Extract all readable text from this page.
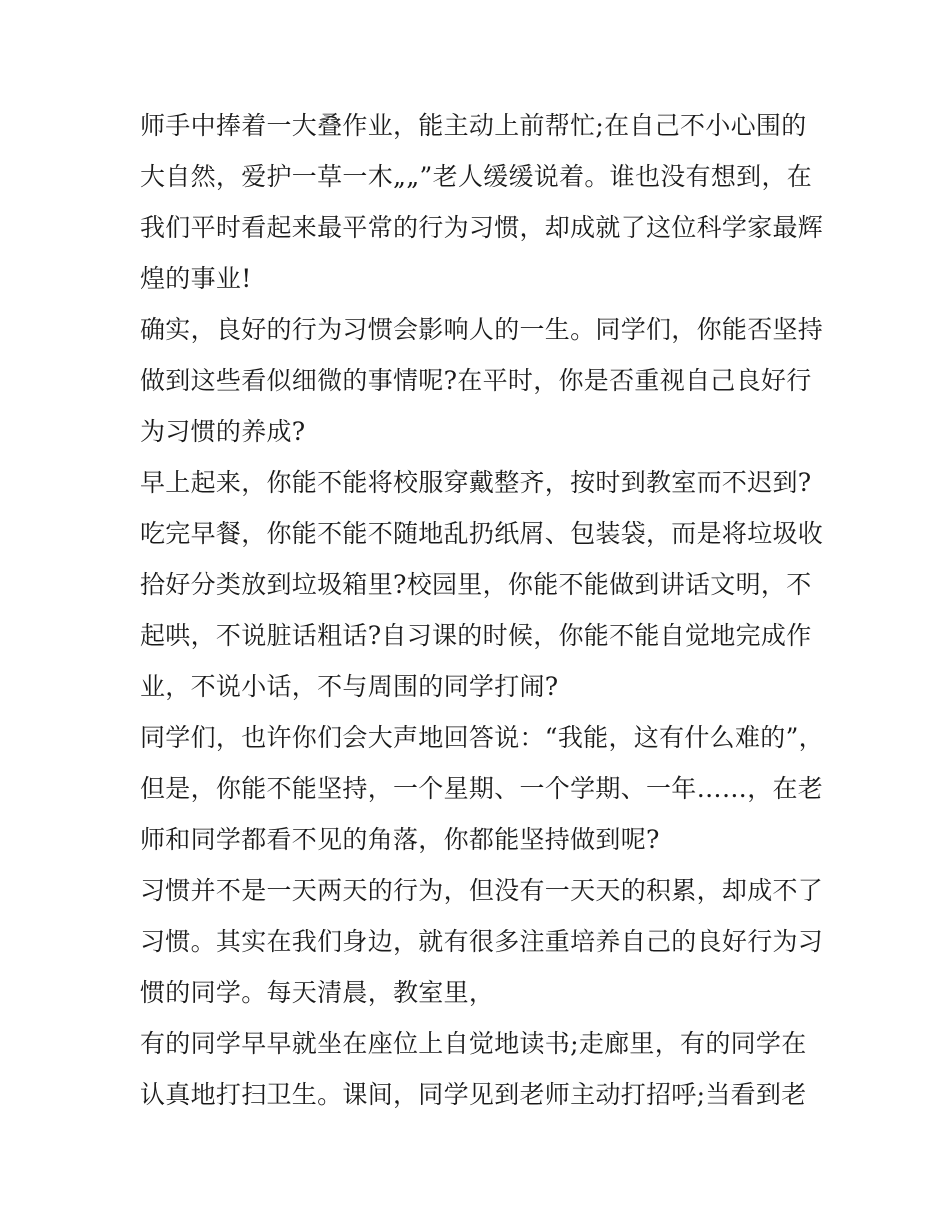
师手中捧着一大叠作业，能主动上前帮忙;在自己不小心围的
大自然，爱护一草一木„„”老人缓缓说着。谁也没有想到，在
我们平时看起来最平常的行为习惯，却成就了这位科学家最辉
煌的事业!

确实，良好的行为习惯会影响人的一生。同学们，你能否坚持
做到这些看似细微的事情呢?在平时，你是否重视自己良好行
为习惯的养成?

早上起来，你能不能将校服穿戴整齐，按时到教室而不迟到?
吃完早餐，你能不能不随地乱扔纸屑、包装袋，而是将垃圾收
拾好分类放到垃圾箱里?校园里，你能不能做到讲话文明，不
起哄，不说脏话粗话?自习课的时候，你能不能自觉地完成作
业，不说小话，不与周围的同学打闹?

同学们，也许你们会大声地回答说：“我能，这有什么难的”，
但是，你能不能坚持，一个星期、一个学期、一年……，在老
师和同学都看不见的角落，你都能坚持做到呢?

习惯并不是一天两天的行为，但没有一天天的积累，却成不了
习惯。其实在我们身边，就有很多注重培养自己的良好行为习
惯的同学。每天清晨，教室里，

有的同学早早就坐在座位上自觉地读书;走廊里，有的同学在
认真地打扫卫生。课间，同学见到老师主动打招呼;当看到老
